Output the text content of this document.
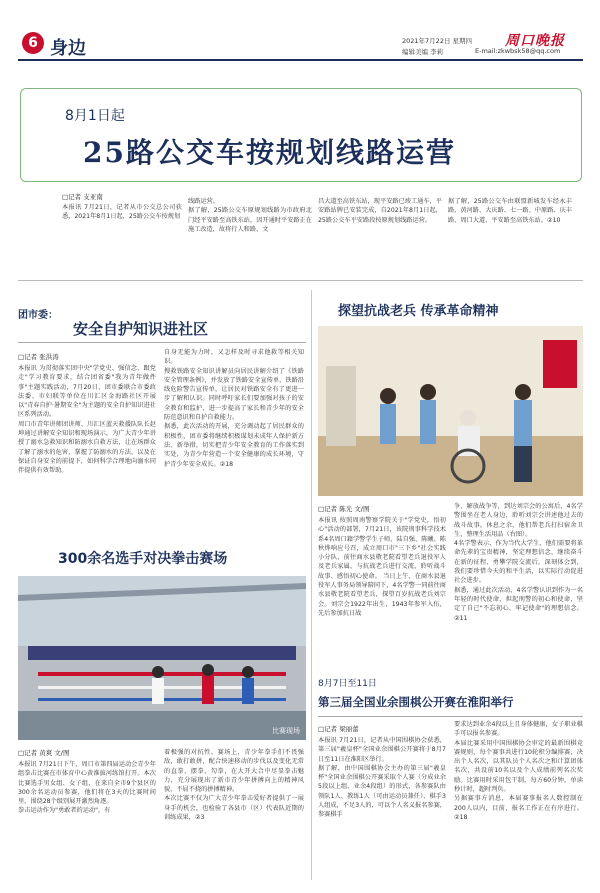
6 身边	2021年7月22日 星期四
编辑美编 李莉	E-mail:zkwbsk58@qq.com
周口晚报
8月1日起
25路公交车按规划线路运营
□记者 支亚南
本报讯 7月21日，记者从市公交总公司获悉，2021年8月1日起，25路公交车按规划
线路运营。
据了解，25路公交车原规划线路为市政府北门经平安路至高铁东站，因开通时平安路正在施工改造，故将行人和路、文
昌大道至高铁东站，现平安路已竣工通车，平安路站牌已安装完成，自2021年8月1日起，25路公交车平安路段按原规划线路运营。
据了解，25路公交车由联盟新城发车经永丰路、黄河路、大庆路、七一路、中原路、庆丰路、周口大道、平安路至高铁东站。②10
团市委：
安全自护知识进社区
□记者 张洪涛
本报讯 为贯彻落实团中央"学党史、强信念、跟党走"学习教育要求，结合团省委"我为青年做件事"主题实践活动，7月20日，团市委联合市委政法委、市妇联等单位在川汇区金海路社区开展以"青春自护·暑期安全"为主题的安全自护知识进社区系列活动。
周口市青年讲师团讲师、川汇区蓝天救援队队长赵坤通过讲解安全知识和现场演示，为广大青少年讲授了溺水急救知识和防溺水自救方法，让在场群众了解了溺水的危害，掌握了防溺水的方法，以及在保证自身安全的前提下，如何科学合理地向溺水同伴提供有效帮助。
自身无能为力时，又怎样及时寻求他救等相关知识。
搜救铁路安全知识讲解员向居民讲解介绍了《铁路安全管理条例》，并发放了铁路安全宣传单，铁路沿线危险警告宣传单，让居民对铁路安全有了更进一步了解和认识。同时呼吁家长们要加强对孩子的安全教育和监护，进一步提高了家长和青少年的安全防范意识和自护自救能力。
据悉，此次活动的开展，充分调动起了居民群众的积极性，团市委将继续积极谋划未成年人保护新方法、新举措，切实把青少年安全教育的工作落实到实处，为青少年营造一个安全健康的成长环境，守护青少年安全成长。②18
300余名选手对决拳击赛场
比赛现场
□记者 黄爽 文/图
本报讯 7月21日下午，周口市第四届运动会青少年组拳击比赛在市体育中心黄淮拔河练馆打开。本次比赛选手男女组、女子组，在来自全市9个县区的300余名运动员参赛，他们将在3天的比赛时间里，围绕28个级别展开激烈角逐。
拳击运动作为"勇敢者的运动"，有
着极强的对抗性。赛场上，青少年拳手们不畏强敌，敢打敢拼，配合快速移动的步伐以及变化无常的直拳、摆拳、勾拳，在大开大合中尽显拳击魅力，充分展现出了新市青少年拼搏向上的精神风貌，不屈不挠的拼搏精神。
本次比赛不仅为广大青少年拳击爱好者提供了一展身手的机会，也检验了各县市（区）代表队近期的训练成果，②3
探望抗战老兵 传承革命精神
□记者 陈光 文/图
本报讯 按照周南警察学院关于"学党史，悟初心"活动的部署，7月21日，该院刑事科学技术系4名周口籍学警学生子师、陆自强、陈曦、陈秋烨响应号召，成立周口市"三下乡"社会实践小分队，前往商水县敬老院看望老兵退役军人及老兵家属，与抗战老兵进行交流，聆听战斗故事、感悟初心使命。 当日上午，在商水县退役军人事务局领导陪同下，4名学警一同前往商水县敬老院看望老兵，探望百岁抗战老兵刘宗会。刘宗会1922年出生，1943年参军入伍，先后参加抗日战
争、解放战争等，到达刘宗会的公寓后，4名学警围坐在老人身边，聆听刘宗会讲述他过去的战斗故事。休息之余，他们帮老兵打扫宿舍卫生，整理生活用品（右图）。
4名学警表示，作为当代大学生，他们需要将革命先辈的宝贵精神，坚定理想信念，继续奋斗在新的征程、勇攀学院交流后，深刻体会到，我们要珍惜今天的和平生活，以实际行动促进社会进步。
据悉，通过此次活动，4名学警认识到作为一名年轻的时代使命，担起刑警的初心和使命，坚定了自己"不忘初心、牢记使命"的理想信念。②11
8月7日至11日
第三届全国业余围棋公开赛在淮阳举行
□记者 梁丽蕾
本报讯 7月21日，记者从中国围棋协会获悉，第三届"羲皇杯"全国业余围棋公开赛将于8月7日至11日在淮阳区举行。
据了解，由中国围棋协会主办的第三届"羲皇杯"全国业余围棋公开赛采取个人赛（分成业余5段以上组、业余4段组）的形式，各参赛队由领队1人、教练1人（可由运动员兼任）、棋手3人组成，不足3人的，可以个人名义报名参赛，参赛棋手
要求达到业余4段以上且身体健康，女子职业棋手可以报名参赛。
本届比赛采用中国围棋协会审定的最新围棋竞赛规则，每个赛事共进行10轮积分编排赛，决出个人名次，以其队员个人名次之和计算团体名次，共设前10名以及个人成绩前列名次奖励。比赛用时采用包干制，每方60分钟，单读秒计时，超时判负。
另据赛事方消息，本届赛事报名人数控制在200人以内，目前，报名工作正在有序进行。②18
